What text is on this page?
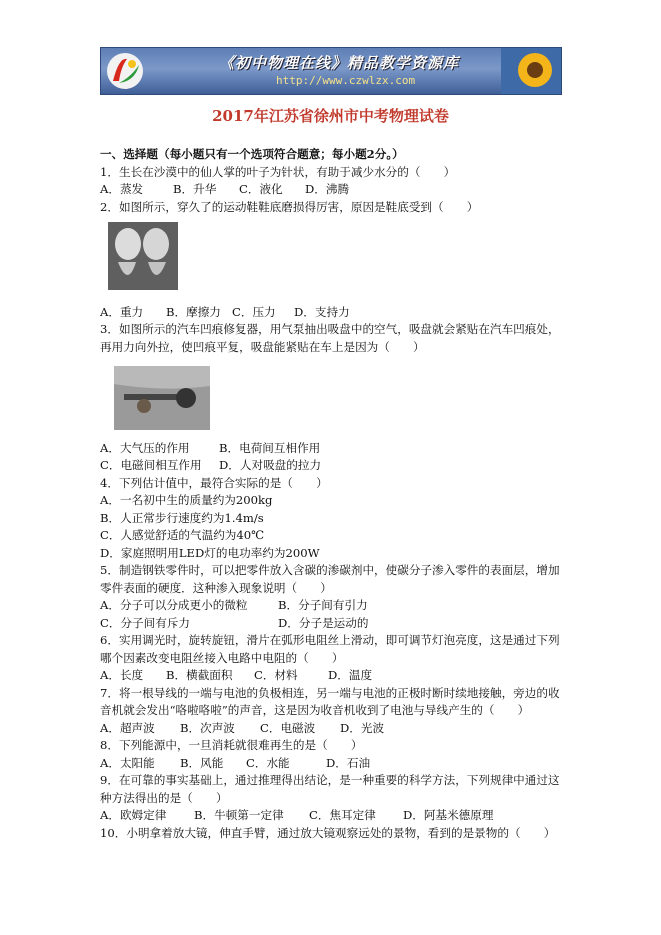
《初中物理在线》精品教学资源库
http://www.czwlzx.com
2017年江苏省徐州市中考物理试卷

一、选择题（每小题只有一个选项符合题意；每小题2分。）

1．生长在沙漠中的仙人掌的叶子为针状，有助于减少水分的（　　）

A．蒸发	B．升华	C．液化	D．沸腾

2．如图所示，穿久了的运动鞋鞋底磨损得厉害，原因是鞋底受到（　　）

A．重力	B．摩擦力 C．压力	D．支持力

3．如图所示的汽车凹痕修复器，用气泵抽出吸盘中的空气，吸盘就会紧贴在汽车凹痕处，

再用力向外拉，使凹痕平复，吸盘能紧贴在车上是因为（　　）

A．大气压的作用	B．电荷间互相作用
C．电磁间相互作用	D．人对吸盘的拉力

4．下列估计值中，最符合实际的是（　　）

A．一名初中生的质量约为200kg

B．人正常步行速度约为1.4m/s

C．人感觉舒适的气温约为40℃

D．家庭照明用LED灯的电功率约为200W

5．制造钢铁零件时，可以把零件放入含碳的渗碳剂中，使碳分子渗入零件的表面层，增加

零件表面的硬度．这种渗入现象说明（　　）

A．分子可以分成更小的微粒	B．分子间有引力
C．分子间有斥力	D．分子是运动的

6．实用调光时，旋转旋钮，滑片在弧形电阻丝上滑动，即可调节灯泡亮度，这是通过下列

哪个因素改变电阻丝接入电路中电阻的（　　）

A．长度	B．横截面积	C．材料	D．温度

7．将一根导线的一端与电池的负极相连，另一端与电池的正极时断时续地接触，旁边的收

音机就会发出“咯啦咯啦”的声音，这是因为收音机收到了电池与导线产生的（　　）

A．超声波	B．次声波	C．电磁波	D．光波

8．下列能源中，一旦消耗就很难再生的是（　　）

A．太阳能	B．风能	C．水能	D．石油

9．在可靠的事实基础上，通过推理得出结论，是一种重要的科学方法，下列规律中通过这

种方法得出的是（　　）

A．欧姆定律	B．牛顿第一定律	C．焦耳定律	D．阿基米德原理

10．小明拿着放大镜，伸直手臂，通过放大镜观察远处的景物，看到的是景物的（　　）
